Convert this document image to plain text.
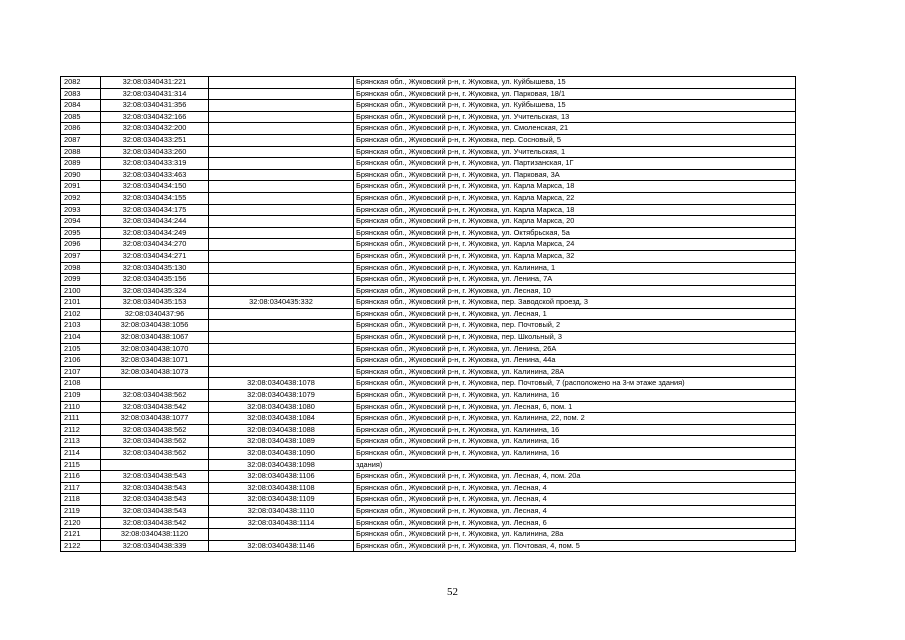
2082	32:08:0340431:221		Брянская обл., Жуковский р-н, г. Жуковка, ул. Куйбышева, 15
2083	32:08:0340431:314		Брянская обл., Жуковский р-н, г. Жуковка, ул. Парковая, 18/1
2084	32:08:0340431:356		Брянская обл., Жуковский р-н, г. Жуковка, ул. Куйбышева, 15
2085	32:08:0340432:166		Брянская обл., Жуковский р-н, г. Жуковка, ул. Учительская, 13
2086	32:08:0340432:200		Брянская обл., Жуковский р-н, г. Жуковка, ул. Смоленская, 21
2087	32:08:0340433:251		Брянская обл., Жуковский р-н, г. Жуковка, пер. Сосновый, 5
2088	32:08:0340433:260		Брянская обл., Жуковский р-н, г. Жуковка, ул. Учительская, 1
2089	32:08:0340433:319		Брянская обл., Жуковский р-н, г. Жуковка, ул. Партизанская, 1Г
2090	32:08:0340433:463		Брянская обл., Жуковский р-н, г. Жуковка, ул. Парковая, 3А
2091	32:08:0340434:150		Брянская обл., Жуковский р-н, г. Жуковка, ул. Карла Маркса, 18
2092	32:08:0340434:155		Брянская обл., Жуковский р-н, г. Жуковка, ул. Карла Маркса, 22
2093	32:08:0340434:175		Брянская обл., Жуковский р-н, г. Жуковка, ул. Карла Маркса, 18
2094	32:08:0340434:244		Брянская обл., Жуковский р-н, г. Жуковка, ул. Карла Маркса, 20
2095	32:08:0340434:249		Брянская обл., Жуковский р-н, г. Жуковка, ул. Октябрьская, 5а
2096	32:08:0340434:270		Брянская обл., Жуковский р-н, г. Жуковка, ул. Карла Маркса, 24
2097	32:08:0340434:271		Брянская обл., Жуковский р-н, г. Жуковка, ул. Карла Маркса, 32
2098	32:08:0340435:130		Брянская обл., Жуковский р-н, г. Жуковка, ул. Калинина, 1
2099	32:08:0340435:156		Брянская обл., Жуковский р-н, г. Жуковка, ул. Ленина, 7А
2100	32:08:0340435:324		Брянская обл., Жуковский р-н, г. Жуковка, ул. Лесная, 10
2101	32:08:0340435:153	32:08:0340435:332	Брянская обл., Жуковский р-н, г. Жуковка, пер. Заводской проезд, 3
2102	32:08:0340437:96		Брянская обл., Жуковский р-н, г. Жуковка, ул. Лесная, 1
2103	32:08:0340438:1056		Брянская обл., Жуковский р-н, г. Жуковка, пер. Почтовый, 2
2104	32:08:0340438:1067		Брянская обл., Жуковский р-н, г. Жуковка, пер. Школьный, 3
2105	32:08:0340438:1070		Брянская обл., Жуковский р-н, г. Жуковка, ул. Ленина, 26А
2106	32:08:0340438:1071		Брянская обл., Жуковский р-н, г. Жуковка, ул. Ленина, 44а
2107	32:08:0340438:1073		Брянская обл., Жуковский р-н, г. Жуковка, ул. Калинина, 28А
2108		32:08:0340438:1078	Брянская обл., Жуковский р-н, г. Жуковка, пер. Почтовый, 7 (расположено на 3-м этаже здания)
2109	32:08:0340438:562	32:08:0340438:1079	Брянская обл., Жуковский р-н, г. Жуковка, ул. Калинина, 16
2110	32:08:0340438:542	32:08:0340438:1080	Брянская обл., Жуковский р-н, г. Жуковка, ул. Лесная, 6, пом. 1
2111	32:08:0340438:1077	32:08:0340438:1084	Брянская обл., Жуковский р-н, г. Жуковка, ул. Калинина, 22, пом. 2
2112	32:08:0340438:562	32:08:0340438:1088	Брянская обл., Жуковский р-н, г. Жуковка, ул. Калинина, 16
2113	32:08:0340438:562	32:08:0340438:1089	Брянская обл., Жуковский р-н, г. Жуковка, ул. Калинина, 16
2114	32:08:0340438:562	32:08:0340438:1090	Брянская обл., Жуковский р-н, г. Жуковка, ул. Калинина, 16
2115		32:08:0340438:1098	здания)
2116	32:08:0340438:543	32:08:0340438:1106	Брянская обл., Жуковский р-н, г. Жуковка, ул. Лесная, 4, пом. 20а
2117	32:08:0340438:543	32:08:0340438:1108	Брянская обл., Жуковский р-н, г. Жуковка, ул. Лесная, 4
2118	32:08:0340438:543	32:08:0340438:1109	Брянская обл., Жуковский р-н, г. Жуковка, ул. Лесная, 4
2119	32:08:0340438:543	32:08:0340438:1110	Брянская обл., Жуковский р-н, г. Жуковка, ул. Лесная, 4
2120	32:08:0340438:542	32:08:0340438:1114	Брянская обл., Жуковский р-н, г. Жуковка, ул. Лесная, 6
2121	32:08:0340438:1120		Брянская обл., Жуковский р-н, г. Жуковка, ул. Калинина, 28а
2122	32:08:0340438:339	32:08:0340438:1146	Брянская обл., Жуковский р-н, г. Жуковка, ул. Почтовая, 4, пом. 5
52
